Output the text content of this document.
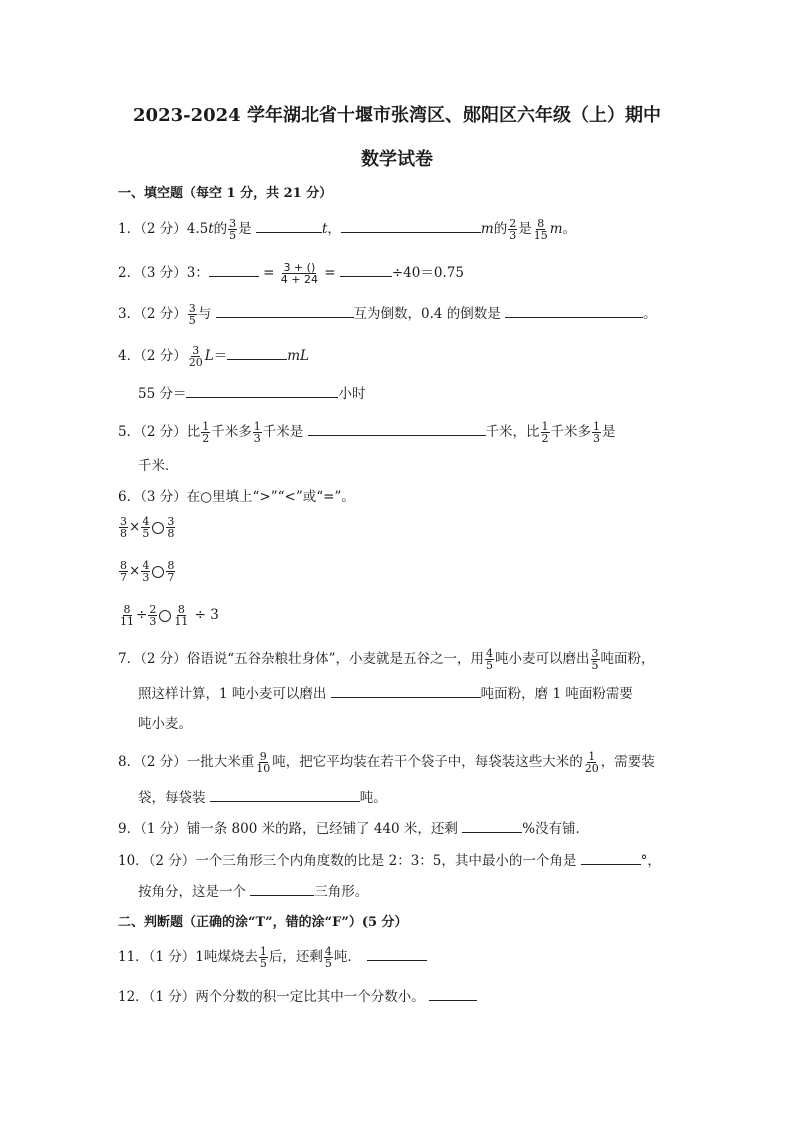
2023-2024 学年湖北省十堰市张湾区、郧阳区六年级（上）期中
数学试卷
一、填空题（每空 1 分，共 21 分）
1．（2 分）4.5t的 $\frac{3}{5}$ 是	t，	m的 $\frac{2}{3}$ 是 $\frac{8}{15}$ m。
2．（3 分）3：	= $\frac{3 + ()}{4 + 24}$ =	÷40＝0.75
3．（2 分） $\frac{3}{5}$ 与	互为倒数，0.4 的倒数是	。
4．（2 分） $\frac{3}{20} L=$	mL
55 分＝	小时
5．（2 分）比 $\frac{1}{2}$ 千米多 $\frac{1}{3}$ 千米是	千米，比 $\frac{1}{2}$ 千米多 $\frac{1}{3}$ 是
千米．
6．（3 分）在○里填上“>”“<”或“=”。
$\frac{3}{8} \times \frac{4}{5} \frac{3}{8}$
$\frac{8}{7} \times \frac{4}{3} \frac{8}{7}$
$\frac{8}{11} \div \frac{2}{3} \frac{8}{11} \div 3$
7．（2 分）俗语说“五谷杂粮壮身体”，小麦就是五谷之一，用 $\frac{4}{5}$ 吨小麦可以磨出 $\frac{3}{5}$ 吨面粉，
照这样计算，1 吨小麦可以磨出	吨面粉，磨 1 吨面粉需要
吨小麦。
8．（2 分）一批大米重 $\frac{9}{10}$ 吨，把它平均装在若干个袋子中，每袋装这些大米的 $\frac{1}{20}$ ，需要装
袋，每袋装	吨。
9．（1 分）铺一条 800 米的路，已经铺了 440 米，还剩	%没有铺．
10．（2 分）一个三角形三个内角度数的比是 2：3：5，其中最小的一个角是	°，
按角分，这是一个	三角形。
二、判断题（正确的涂“T”，错的涂“F”）(5 分）
11．（1 分）1吨煤烧去 $\frac{1}{5}$ 后，还剩 $\frac{4}{5}$ 吨．
12．（1 分）两个分数的积一定比其中一个分数小。
